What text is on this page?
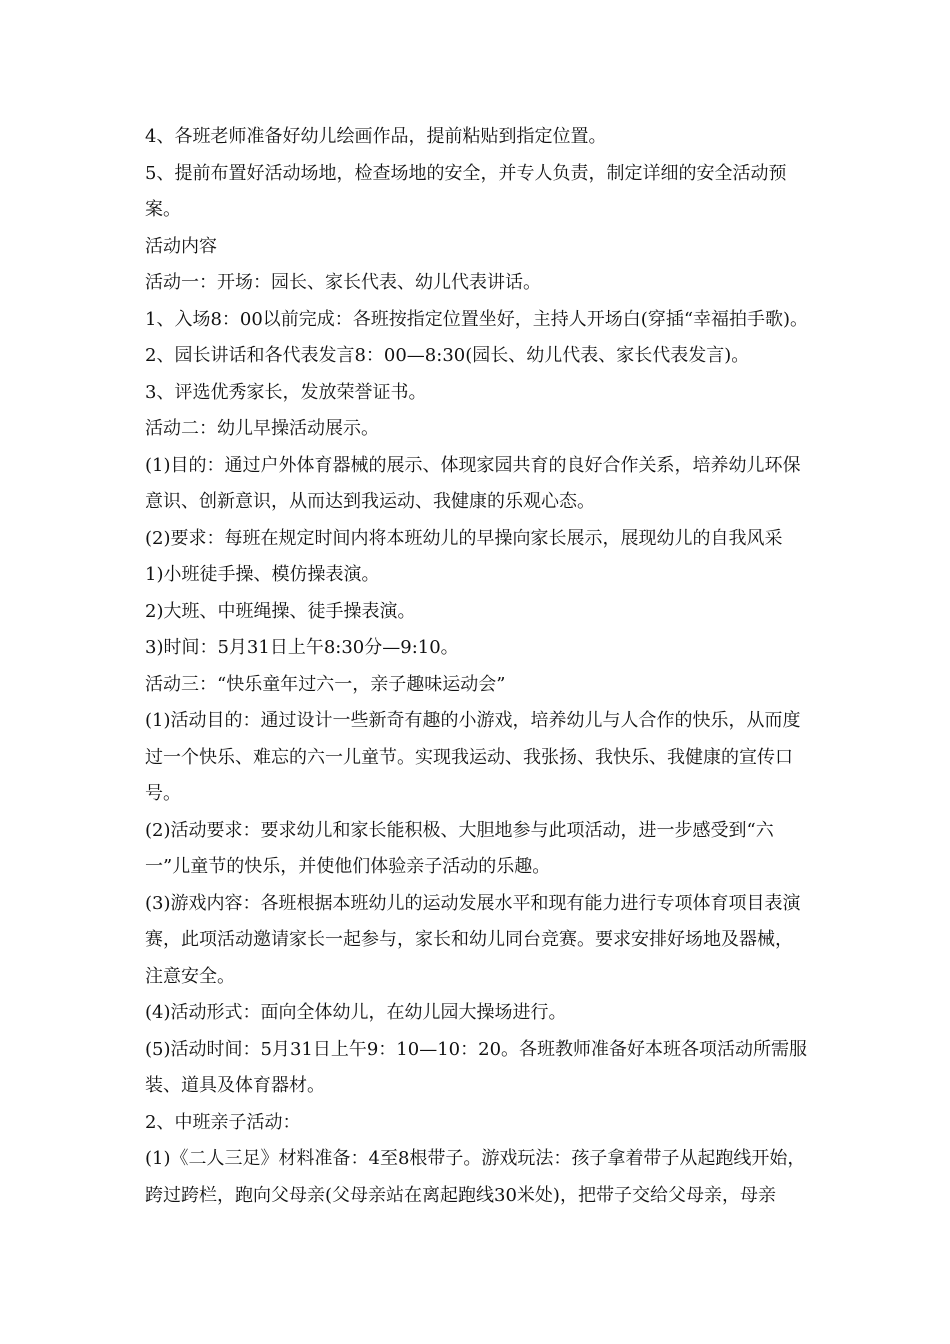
4、各班老师准备好幼儿绘画作品，提前粘贴到指定位置。

5、提前布置好活动场地，检查场地的安全，并专人负责，制定详细的安全活动预案。

活动内容

活动一：开场：园长、家长代表、幼儿代表讲话。

1、入场8：00以前完成：各班按指定位置坐好，主持人开场白(穿插“幸福拍手歌)。

2、园长讲话和各代表发言8：00—8:30(园长、幼儿代表、家长代表发言)。

3、评选优秀家长，发放荣誉证书。

活动二：幼儿早操活动展示。

(1)目的：通过户外体育器械的展示、体现家园共育的良好合作关系，培养幼儿环保意识、创新意识，从而达到我运动、我健康的乐观心态。

(2)要求：每班在规定时间内将本班幼儿的早操向家长展示，展现幼儿的自我风采

1)小班徒手操、模仿操表演。

2)大班、中班绳操、徒手操表演。

3)时间：5月31日上午8:30分—9:10。

活动三：“快乐童年过六一，亲子趣味运动会”

(1)活动目的：通过设计一些新奇有趣的小游戏，培养幼儿与人合作的快乐，从而度过一个快乐、难忘的六一儿童节。实现我运动、我张扬、我快乐、我健康的宣传口号。

(2)活动要求：要求幼儿和家长能积极、大胆地参与此项活动，进一步感受到“六一”儿童节的快乐，并使他们体验亲子活动的乐趣。

(3)游戏内容：各班根据本班幼儿的运动发展水平和现有能力进行专项体育项目表演赛，此项活动邀请家长一起参与，家长和幼儿同台竞赛。要求安排好场地及器械，注意安全。

(4)活动形式：面向全体幼儿，在幼儿园大操场进行。

(5)活动时间：5月31日上午9：10—10：20。各班教师准备好本班各项活动所需服装、道具及体育器材。

2、中班亲子活动：

(1)《二人三足》材料准备：4至8根带子。游戏玩法：孩子拿着带子从起跑线开始，跨过跨栏，跑向父母亲(父母亲站在离起跑线30米处)，把带子交给父母亲，母亲
